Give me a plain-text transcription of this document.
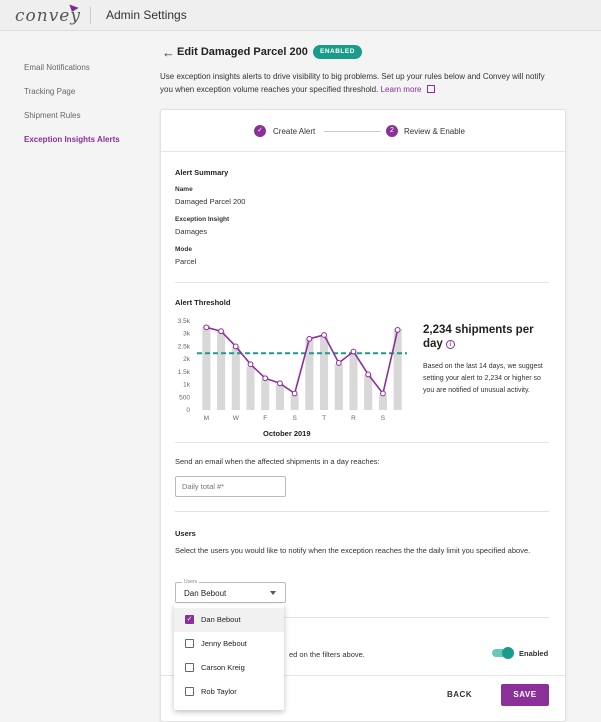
convey Admin Settings
Email Notifications
Tracking Page
Shipment Rules
Exception Insights Alerts
← Edit Damaged Parcel 200	ENABLED

Use exception insights alerts to drive visibility to big problems. Set up your rules below and Convey will notify you when exception volume reaches your specified threshold. Learn more

✓	Create Alert	2	Review & Enable
Alert Summary
Name
Damaged Parcel 200
Exception Insight
Damages
Mode
Parcel
Alert Threshold
3.5k
3k
2.5k
2k
1.5k
1k
500
0
M	W	F	S	T	R	S
October 2019
2,234 shipments per day i

Based on the last 14 days, we suggest setting your alert to 2,234 or higher so you are notified of unusual activity.

Send an email when the affected shipments in a day reaches:
Daily total #*
Users

Select the users you would like to notify when the exception reaches the the daily limit you specified above.

Users
Dan Bebout
ed on the filters above.	Enabled
BACK	SAVE
✓ Dan Bebout
Jenny Bebout
Carson Kreig
Rob Taylor
